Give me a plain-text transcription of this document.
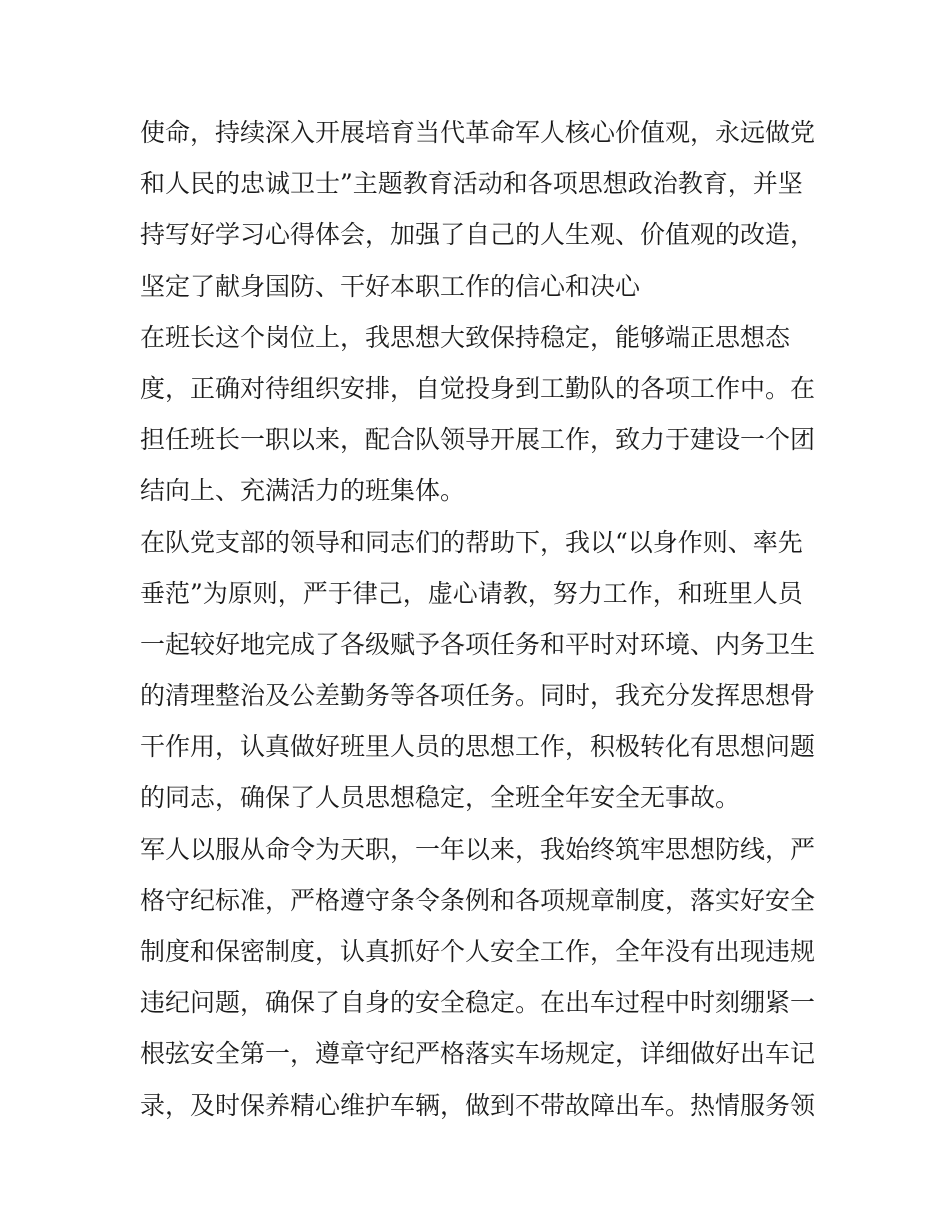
使命，持续深入开展培育当代革命军人核心价值观，永远做党
和人民的忠诚卫士”主题教育活动和各项思想政治教育，并坚
持写好学习心得体会，加强了自己的人生观、价值观的改造，
坚定了献身国防、干好本职工作的信心和决心
在班长这个岗位上，我思想大致保持稳定，能够端正思想态
度，正确对待组织安排，自觉投身到工勤队的各项工作中。在
担任班长一职以来，配合队领导开展工作，致力于建设一个团
结向上、充满活力的班集体。
在队党支部的领导和同志们的帮助下，我以“以身作则、率先
垂范”为原则，严于律己，虚心请教，努力工作，和班里人员
一起较好地完成了各级赋予各项任务和平时对环境、内务卫生
的清理整治及公差勤务等各项任务。同时，我充分发挥思想骨
干作用，认真做好班里人员的思想工作，积极转化有思想问题
的同志，确保了人员思想稳定，全班全年安全无事故。
军人以服从命令为天职，一年以来，我始终筑牢思想防线，严
格守纪标准，严格遵守条令条例和各项规章制度，落实好安全
制度和保密制度，认真抓好个人安全工作，全年没有出现违规
违纪问题，确保了自身的安全稳定。在出车过程中时刻绷紧一
根弦安全第一，遵章守纪严格落实车场规定，详细做好出车记
录，及时保养精心维护车辆，做到不带故障出车。热情服务领
